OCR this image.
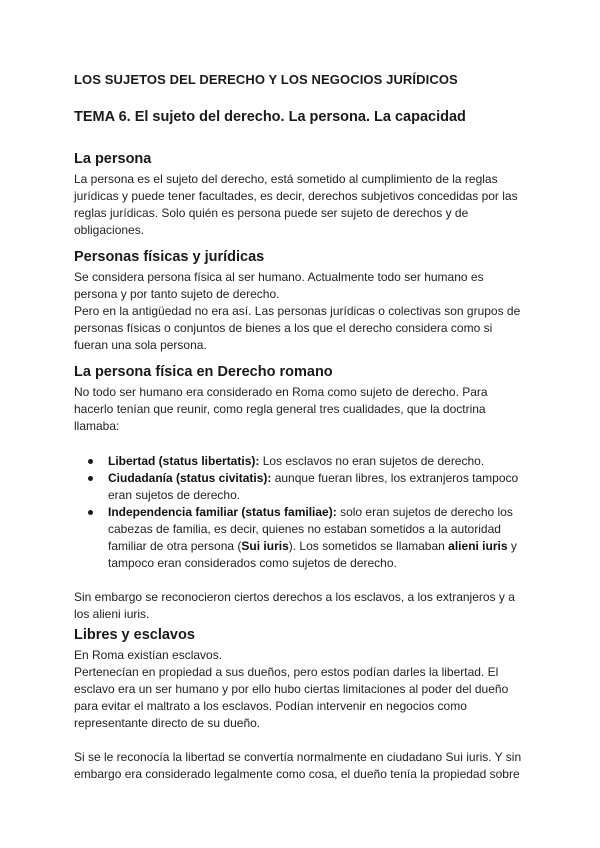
LOS SUJETOS DEL DERECHO Y LOS NEGOCIOS JURÍDICOS
TEMA 6. El sujeto del derecho. La persona. La capacidad
La persona

La persona es el sujeto del derecho, está sometido al cumplimiento de la reglas
jurídicas y puede tener facultades, es decir, derechos subjetivos concedidas por las
reglas jurídicas. Solo quién es persona puede ser sujeto de derechos y de
obligaciones.

Personas físicas y jurídicas

Se considera persona física al ser humano. Actualmente todo ser humano es
persona y por tanto sujeto de derecho.
Pero en la antigüedad no era así. Las personas jurídicas o colectivas son grupos de
personas físicas o conjuntos de bienes a los que el derecho considera como si
fueran una sola persona.

La persona física en Derecho romano

No todo ser humano era considerado en Roma como sujeto de derecho. Para
hacerlo tenían que reunir, como regla general tres cualidades, que la doctrina
llamaba:

Libertad (status libertatis): Los esclavos no eran sujetos de derecho.
Ciudadanía (status civitatis): aunque fueran libres, los extranjeros tampoco
eran sujetos de derecho.
Independencia familiar (status familiae): solo eran sujetos de derecho los
cabezas de familia, es decir, quienes no estaban sometidos a la autoridad
familiar de otra persona (Sui iuris). Los sometidos se llamaban alieni iuris y
tampoco eran considerados como sujetos de derecho.

Sin embargo se reconocieron ciertos derechos a los esclavos, a los extranjeros y a
los alieni iuris.

Libres y esclavos

En Roma existían esclavos.
Pertenecían en propiedad a sus dueños, pero estos podían darles la libertad. El
esclavo era un ser humano y por ello hubo ciertas limitaciones al poder del dueño
para evitar el maltrato a los esclavos. Podían intervenir en negocios como
representante directo de su dueño.

Si se le reconocía la libertad se convertía normalmente en ciudadano Sui iuris. Y sin
embargo era considerado legalmente como cosa, el dueño tenía la propiedad sobre
